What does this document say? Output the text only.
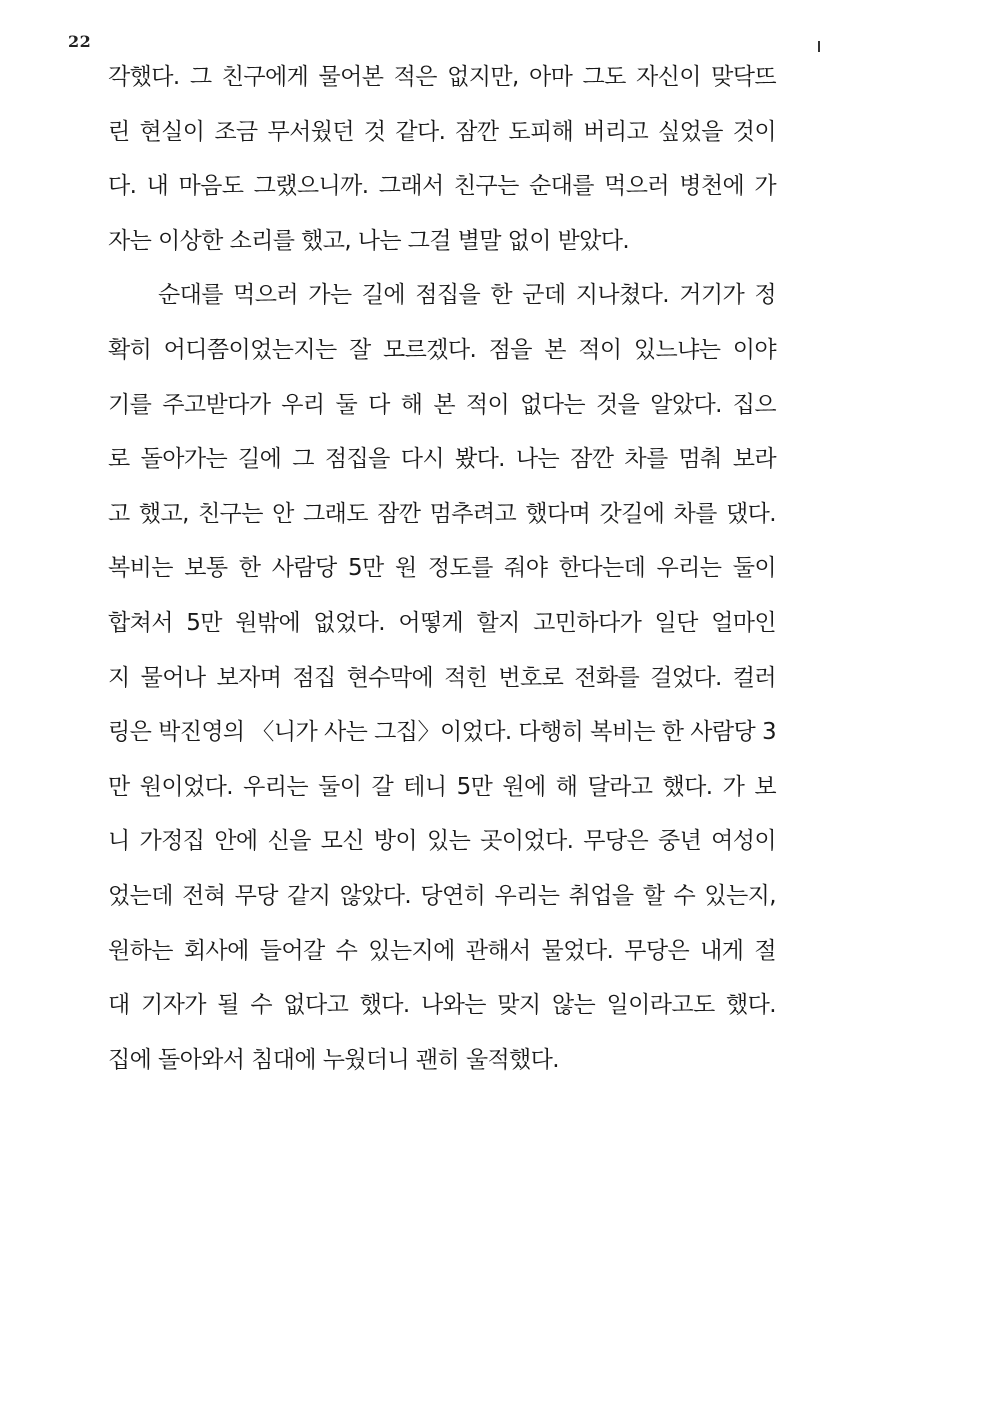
22
각했다. 그 친구에게 물어본 적은 없지만, 아마 그도 자신이 맞닥뜨
린 현실이 조금 무서웠던 것 같다. 잠깐 도피해 버리고 싶었을 것이
다. 내 마음도 그랬으니까. 그래서 친구는 순대를 먹으러 병천에 가
자는 이상한 소리를 했고, 나는 그걸 별말 없이 받았다.
순대를 먹으러 가는 길에 점집을 한 군데 지나쳤다. 거기가 정
확히 어디쯤이었는지는 잘 모르겠다. 점을 본 적이 있느냐는 이야
기를 주고받다가 우리 둘 다 해 본 적이 없다는 것을 알았다. 집으
로 돌아가는 길에 그 점집을 다시 봤다. 나는 잠깐 차를 멈춰 보라
고 했고, 친구는 안 그래도 잠깐 멈추려고 했다며 갓길에 차를 댔다.
복비는 보통 한 사람당 5만 원 정도를 줘야 한다는데 우리는 둘이
합쳐서 5만 원밖에 없었다. 어떻게 할지 고민하다가 일단 얼마인
지 물어나 보자며 점집 현수막에 적힌 번호로 전화를 걸었다. 컬러
링은 박진영의 〈니가 사는 그집〉이었다. 다행히 복비는 한 사람당 3
만 원이었다. 우리는 둘이 갈 테니 5만 원에 해 달라고 했다. 가 보
니 가정집 안에 신을 모신 방이 있는 곳이었다. 무당은 중년 여성이
었는데 전혀 무당 같지 않았다. 당연히 우리는 취업을 할 수 있는지,
원하는 회사에 들어갈 수 있는지에 관해서 물었다. 무당은 내게 절
대 기자가 될 수 없다고 했다. 나와는 맞지 않는 일이라고도 했다.
집에 돌아와서 침대에 누웠더니 괜히 울적했다.
